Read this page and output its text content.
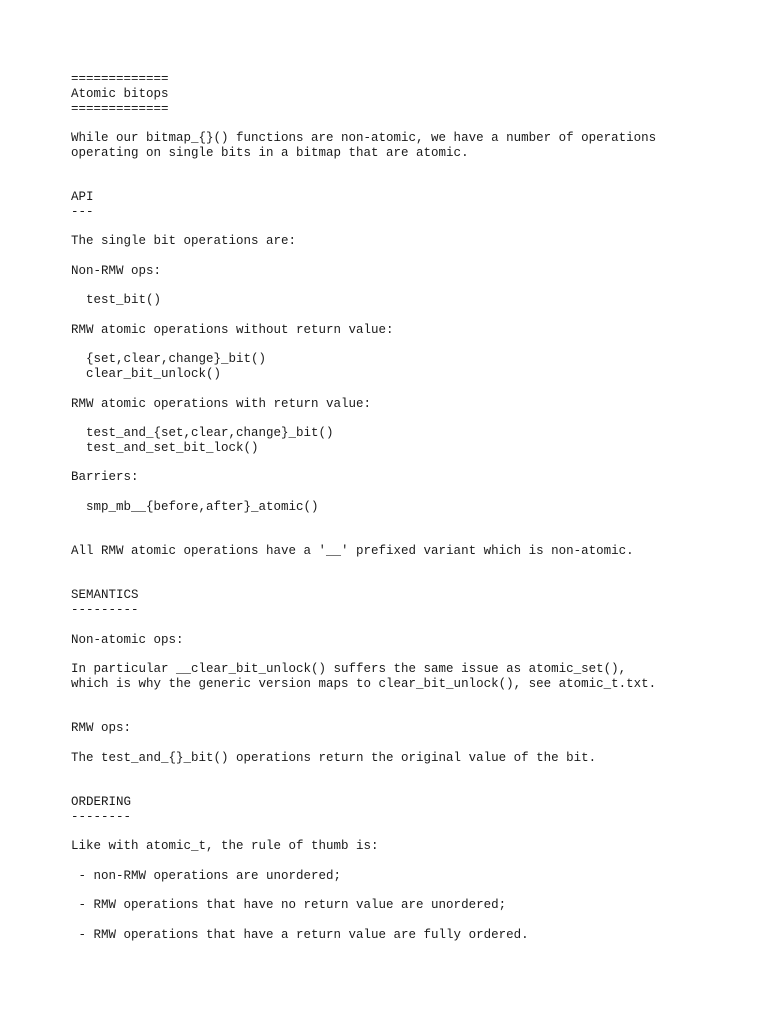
=============
Atomic bitops
=============
While our bitmap_{}() functions are non-atomic, we have a number of operations
operating on single bits in a bitmap that are atomic.
API
---
The single bit operations are:
Non-RMW ops:
test_bit()
RMW atomic operations without return value:
{set,clear,change}_bit()
clear_bit_unlock()
RMW atomic operations with return value:
test_and_{set,clear,change}_bit()
test_and_set_bit_lock()
Barriers:
smp_mb__{before,after}_atomic()
All RMW atomic operations have a '__' prefixed variant which is non-atomic.
SEMANTICS
---------
Non-atomic ops:
In particular __clear_bit_unlock() suffers the same issue as atomic_set(),
which is why the generic version maps to clear_bit_unlock(), see atomic_t.txt.
RMW ops:
The test_and_{}_bit() operations return the original value of the bit.
ORDERING
--------
Like with atomic_t, the rule of thumb is:
- non-RMW operations are unordered;
- RMW operations that have no return value are unordered;
- RMW operations that have a return value are fully ordered.
